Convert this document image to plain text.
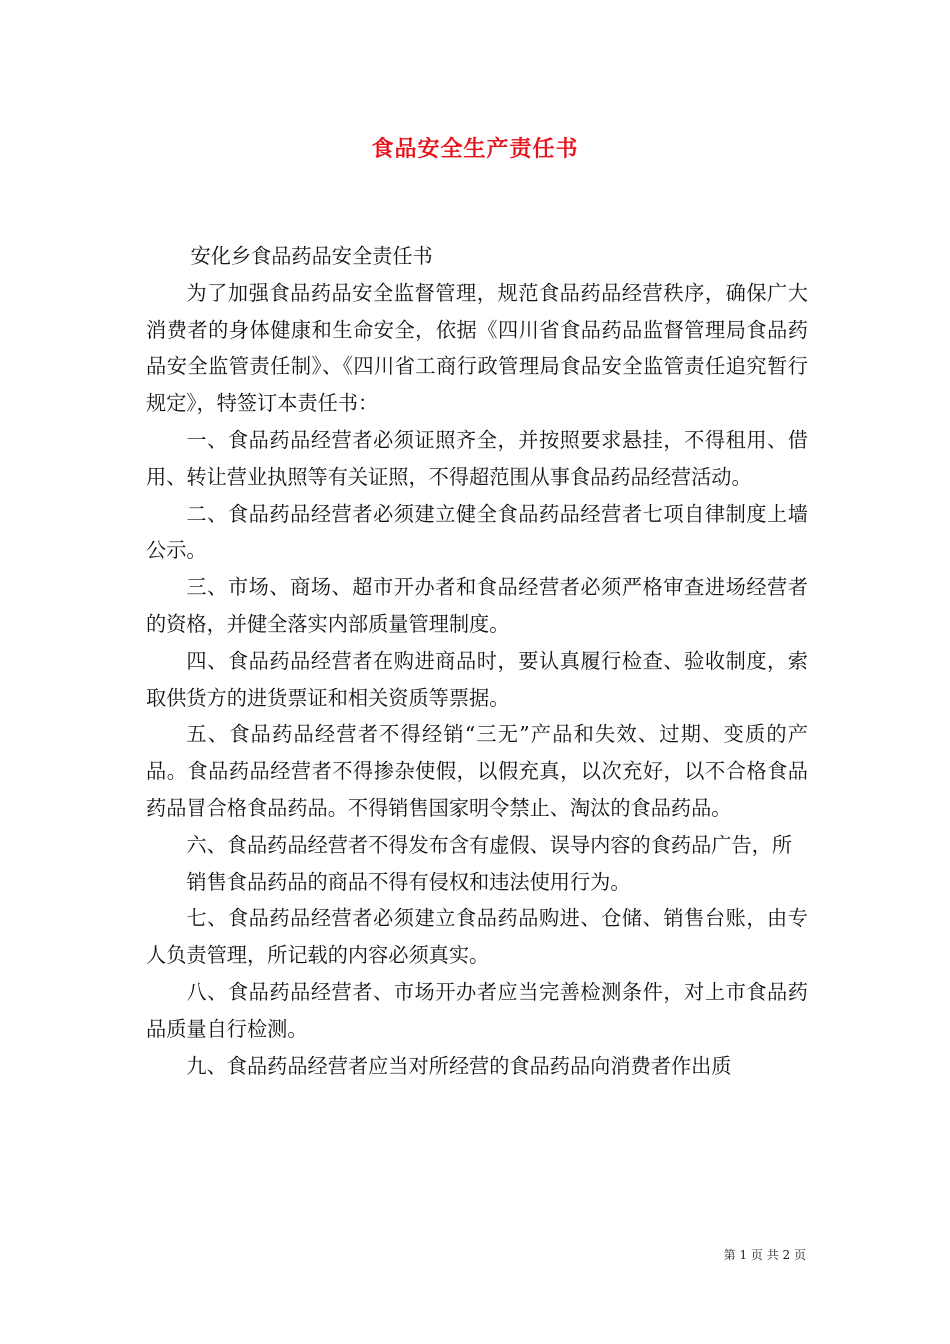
食品安全生产责任书

安化乡食品药品安全责任书

为了加强食品药品安全监督管理，规范食品药品经营秩序，确保广大消费者的身体健康和生命安全，依据《四川省食品药品监督管理局食品药品安全监管责任制》、《四川省工商行政管理局食品安全监管责任追究暂行规定》，特签订本责任书：

一、食品药品经营者必须证照齐全，并按照要求悬挂，不得租用、借用、转让营业执照等有关证照，不得超范围从事食品药品经营活动。

二、食品药品经营者必须建立健全食品药品经营者七项自律制度上墙公示。

三、市场、商场、超市开办者和食品经营者必须严格审查进场经营者的资格，并健全落实内部质量管理制度。

四、食品药品经营者在购进商品时，要认真履行检查、验收制度，索取供货方的进货票证和相关资质等票据。

五、食品药品经营者不得经销“三无”产品和失效、过期、变质的产品。食品药品经营者不得掺杂使假，以假充真，以次充好，以不合格食品药品冒合格食品药品。不得销售国家明令禁止、淘汰的食品药品。

六、食品药品经营者不得发布含有虚假、误导内容的食药品广告，所

销售食品药品的商品不得有侵权和违法使用行为。

七、食品药品经营者必须建立食品药品购进、仓储、销售台账，由专人负责管理，所记载的内容必须真实。

八、食品药品经营者、市场开办者应当完善检测条件，对上市食品药品质量自行检测。

九、食品药品经营者应当对所经营的食品药品向消费者作出质

第 1 页 共 2 页
